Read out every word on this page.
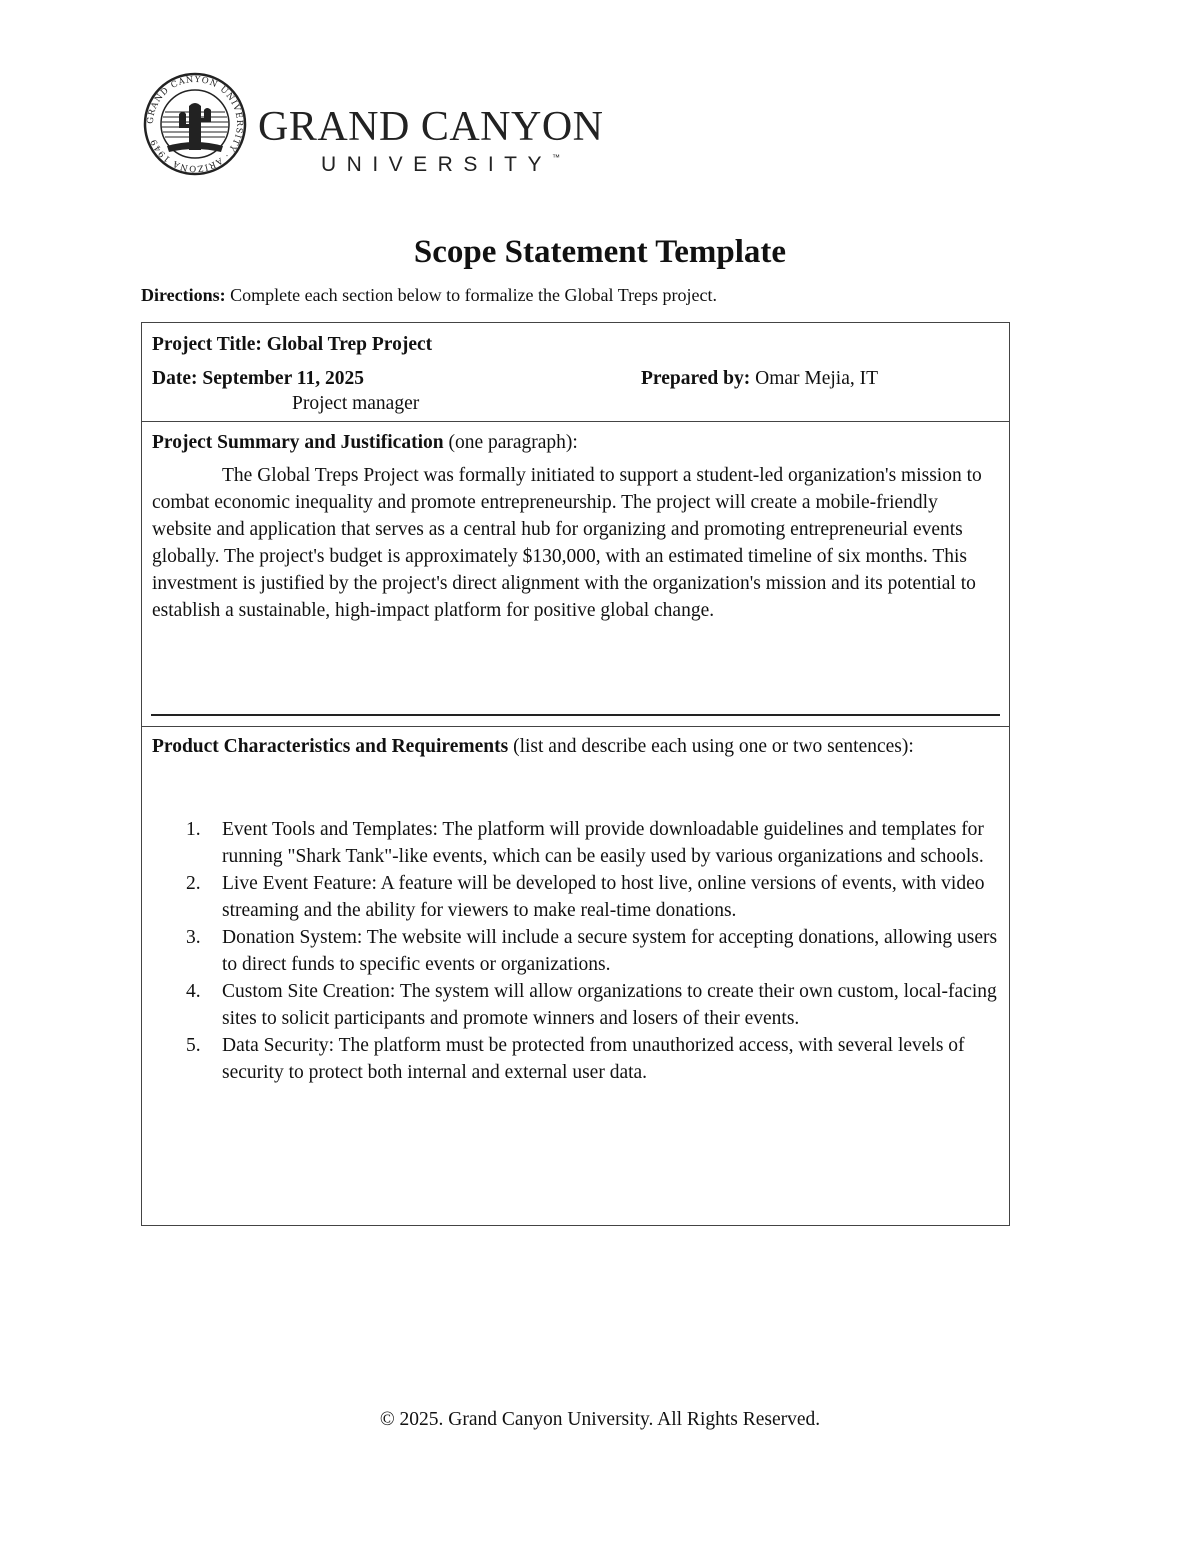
GRAND CANYON UNIVERSITY · ARIZONA 1949	GRAND CANYON
UNIVERSITY™
Scope Statement Template
Directions: Complete each section below to formalize the Global Treps project.
Project Title: Global Trep Project
Date: September 11, 2025	Prepared by: Omar Mejia, IT
Project manager
Project Summary and Justification (one paragraph):
The Global Treps Project was formally initiated to support a student-led organization's mission to combat economic inequality and promote entrepreneurship. The project will create a mobile-friendly website and application that serves as a central hub for organizing and promoting entrepreneurial events globally. The project's budget is approximately $130,000, with an estimated timeline of six months. This investment is justified by the project's direct alignment with the organization's mission and its potential to establish a sustainable, high-impact platform for positive global change.
Product Characteristics and Requirements (list and describe each using one or two sentences):
1. Event Tools and Templates: The platform will provide downloadable guidelines and templates for running "Shark Tank"-like events, which can be easily used by various organizations and schools.
2. Live Event Feature: A feature will be developed to host live, online versions of events, with video streaming and the ability for viewers to make real-time donations.
3. Donation System: The website will include a secure system for accepting donations, allowing users to direct funds to specific events or organizations.
4. Custom Site Creation: The system will allow organizations to create their own custom, local-facing sites to solicit participants and promote winners and losers of their events.
5. Data Security: The platform must be protected from unauthorized access, with several levels of security to protect both internal and external user data.
© 2025. Grand Canyon University. All Rights Reserved.
